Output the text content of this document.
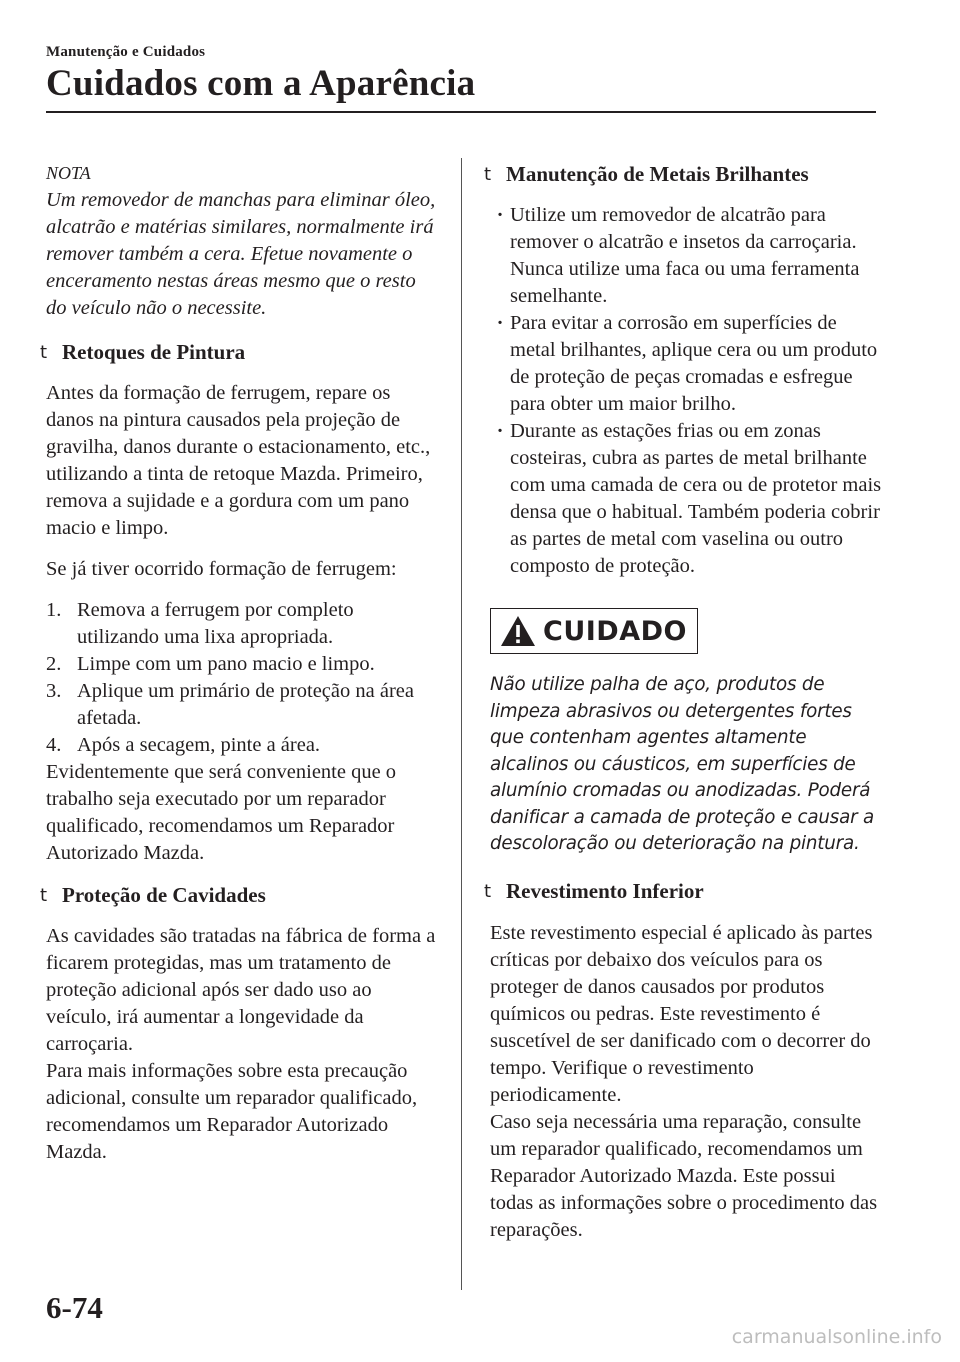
Manutenção e Cuidados
Cuidados com a Aparência
NOTA
Um removedor de manchas para eliminar óleo, alcatrão e matérias similares, normalmente irá remover também a cera. Efetue novamente o enceramento nestas áreas mesmo que o resto do veículo não o necessite.
t Retoques de Pintura

Antes da formação de ferrugem, repare os danos na pintura causados pela projeção de gravilha, danos durante o estacionamento, etc., utilizando a tinta de retoque Mazda. Primeiro, remova a sujidade e a gordura com um pano macio e limpo.

Se já tiver ocorrido formação de ferrugem:

1. Remova a ferrugem por completo utilizando uma lixa apropriada.
2. Limpe com um pano macio e limpo.
3. Aplique um primário de proteção na área afetada.
4. Após a secagem, pinte a área.

Evidentemente que será conveniente que o trabalho seja executado por um reparador qualificado, recomendamos um Reparador Autorizado Mazda.

t Proteção de Cavidades

As cavidades são tratadas na fábrica de forma a ficarem protegidas, mas um tratamento de proteção adicional após ser dado uso ao veículo, irá aumentar a longevidade da carroçaria.

Para mais informações sobre esta precaução adicional, consulte um reparador qualificado, recomendamos um Reparador Autorizado Mazda.

t Manutenção de Metais Brilhantes
· Utilize um removedor de alcatrão para remover o alcatrão e insetos da carroçaria. Nunca utilize uma faca ou uma ferramenta semelhante.
· Para evitar a corrosão em superfícies de metal brilhantes, aplique cera ou um produto de proteção de peças cromadas e esfregue para obter um maior brilho.
· Durante as estações frias ou em zonas costeiras, cubra as partes de metal brilhante com uma camada de cera ou de protetor mais densa que o habitual. Também poderia cobrir as partes de metal com vaselina ou outro composto de proteção.
CUIDADO

Não utilize palha de aço, produtos de limpeza abrasivos ou detergentes fortes que contenham agentes altamente alcalinos ou cáusticos, em superfícies de alumínio cromadas ou anodizadas. Poderá danificar a camada de proteção e causar a descoloração ou deterioração na pintura.

t Revestimento Inferior

Este revestimento especial é aplicado às partes críticas por debaixo dos veículos para os proteger de danos causados por produtos químicos ou pedras. Este revestimento é suscetível de ser danificado com o decorrer do tempo. Verifique o revestimento periodicamente.

Caso seja necessária uma reparação, consulte um reparador qualificado, recomendamos um Reparador Autorizado Mazda. Este possui todas as informações sobre o procedimento das reparações.

6-74
carmanualsonline.info
